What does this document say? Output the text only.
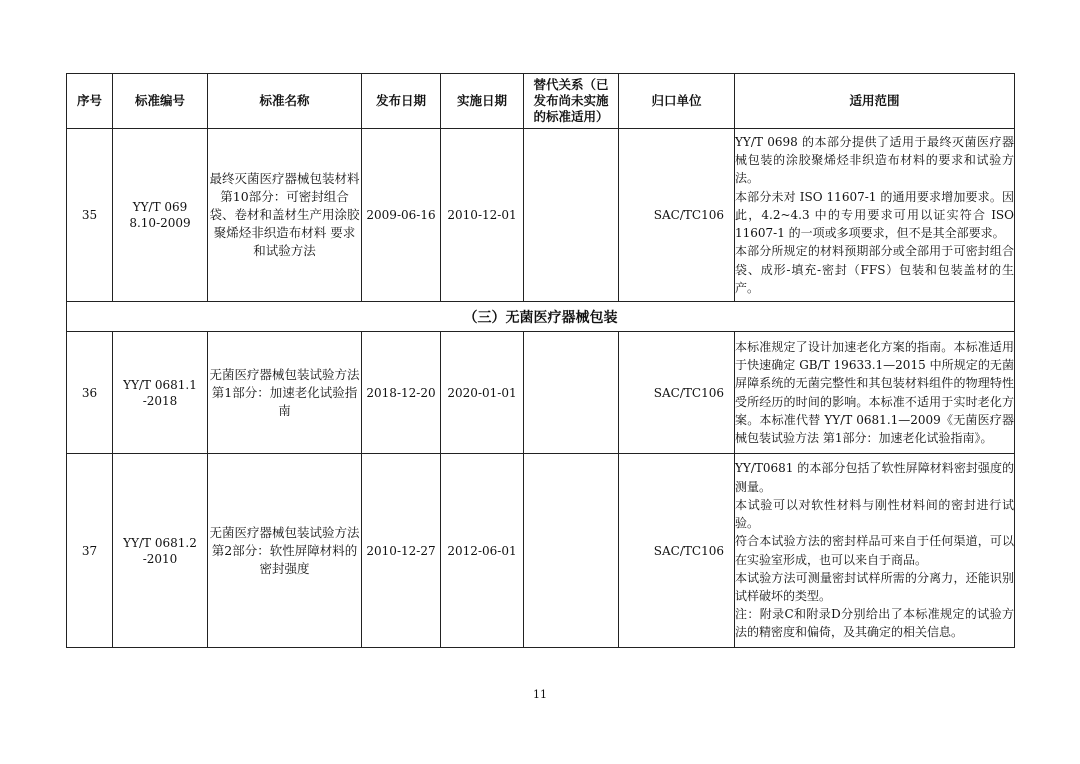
序号	标准编号	标准名称	发布日期	实施日期	替代关系（已发布尚未实施的标准适用）	归口单位	适用范围
35	YY/T 0698.10-2009	最终灭菌医疗器械包装材料 第10部分：可密封组合袋、卷材和盖材生产用涂胶聚烯烃非织造布材料 要求和试验方法	2009-06-16	2010-12-01		SAC/TC106	YY/T 0698 的本部分提供了适用于最终灭菌医疗器械包装的涂胶聚烯烃非织造布材料的要求和试验方法。

本部分未对 ISO 11607-1 的通用要求增加要求。因此，4.2~4.3 中的专用要求可用以证实符合 ISO 11607-1 的一项或多项要求，但不是其全部要求。

本部分所规定的材料预期部分或全部用于可密封组合袋、成形-填充-密封（FFS）包装和包装盖材的生产。

（三）无菌医疗器械包装							
36	YY/T 0681.1-2018	无菌医疗器械包装试验方法 第1部分：加速老化试验指南	2018-12-20	2020-01-01		SAC/TC106	本标准规定了设计加速老化方案的指南。本标准适用于快速确定 GB/T 19633.1—2015 中所规定的无菌屏障系统的无菌完整性和其包装材料组件的物理特性受所经历的时间的影响。本标准不适用于实时老化方案。本标准代替 YY/T 0681.1—2009《无菌医疗器械包装试验方法 第1部分：加速老化试验指南》。

37	YY/T 0681.2-2010	无菌医疗器械包装试验方法 第2部分：软性屏障材料的密封强度	2010-12-27	2012-06-01		SAC/TC106	YY/T0681 的本部分包括了软性屏障材料密封强度的测量。

本试验可以对软性材料与刚性材料间的密封进行试验。

符合本试验方法的密封样品可来自于任何渠道，可以在实验室形成，也可以来自于商品。

本试验方法可测量密封试样所需的分离力，还能识别试样破坏的类型。

注：附录C和附录D分别给出了本标准规定的试验方法的精密度和偏倚，及其确定的相关信息。

11
